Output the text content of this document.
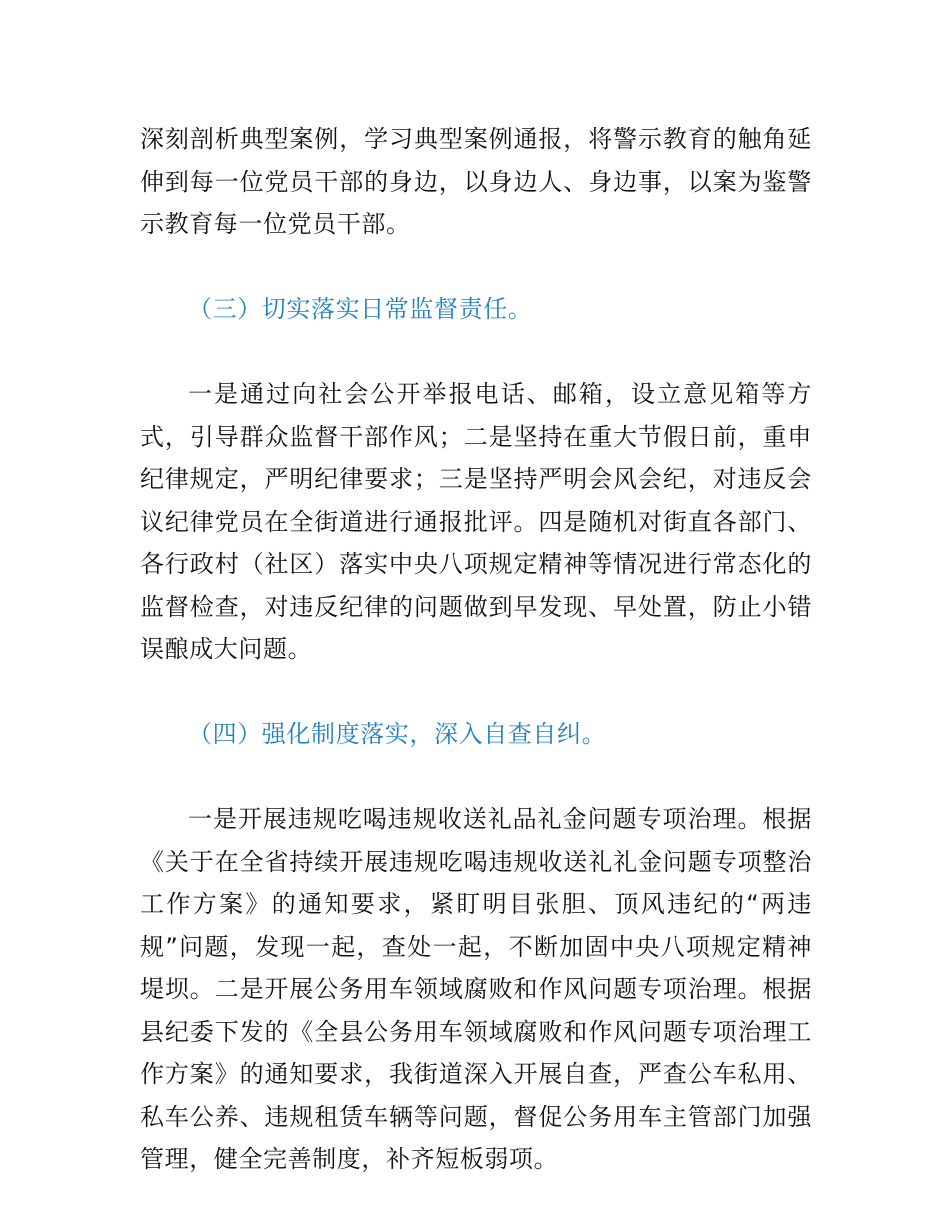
深刻剖析典型案例，学习典型案例通报，将警示教育的触角延伸到每一位党员干部的身边，以身边人、身边事，以案为鉴警示教育每一位党员干部。

（三）切实落实日常监督责任。

一是通过向社会公开举报电话、邮箱，设立意见箱等方式，引导群众监督干部作风；二是坚持在重大节假日前，重申纪律规定，严明纪律要求；三是坚持严明会风会纪，对违反会议纪律党员在全街道进行通报批评。四是随机对街直各部门、各行政村（社区）落实中央八项规定精神等情况进行常态化的监督检查，对违反纪律的问题做到早发现、早处置，防止小错误酿成大问题。

（四）强化制度落实，深入自查自纠。

一是开展违规吃喝违规收送礼品礼金问题专项治理。根据《关于在全省持续开展违规吃喝违规收送礼礼金问题专项整治工作方案》的通知要求，紧盯明目张胆、顶风违纪的“两违规”问题，发现一起，查处一起，不断加固中央八项规定精神堤坝。二是开展公务用车领域腐败和作风问题专项治理。根据县纪委下发的《全县公务用车领域腐败和作风问题专项治理工作方案》的通知要求，我街道深入开展自查，严查公车私用、私车公养、违规租赁车辆等问题，督促公务用车主管部门加强管理，健全完善制度，补齐短板弱项。
